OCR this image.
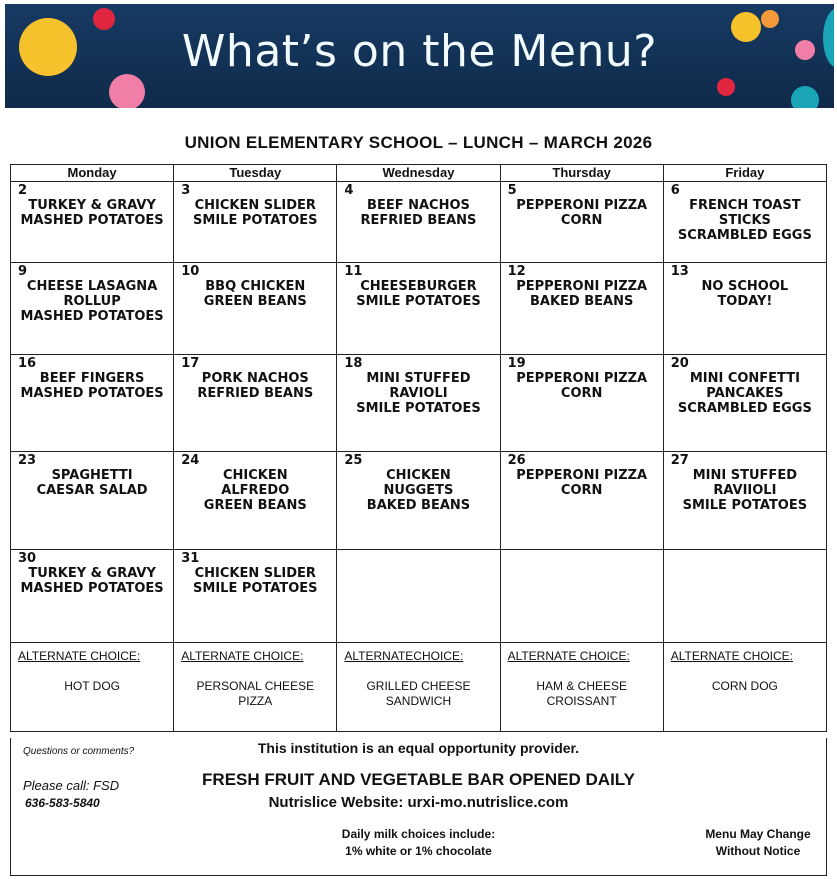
What’s on the Menu?
UNION ELEMENTARY SCHOOL – LUNCH – MARCH 2026
Monday	Tuesday	Wednesday	Thursday	Friday

2
TURKEY & GRAVY
MASHED POTATOES	3
CHICKEN SLIDER
SMILE POTATOES	4
BEEF NACHOS
REFRIED BEANS	5
PEPPERONI PIZZA
CORN	6
FRENCH TOAST
STICKS
SCRAMBLED EGGS

9
CHEESE LASAGNA
ROLLUP
MASHED POTATOES	10
BBQ CHICKEN
GREEN BEANS	11
CHEESEBURGER
SMILE POTATOES	12
PEPPERONI PIZZA
BAKED BEANS	13
NO SCHOOL
TODAY!

16
BEEF FINGERS
MASHED POTATOES	17
PORK NACHOS
REFRIED BEANS	18
MINI STUFFED
RAVIOLI
SMILE POTATOES	19
PEPPERONI PIZZA
CORN	20
MINI CONFETTI
PANCAKES
SCRAMBLED EGGS

23
SPAGHETTI
CAESAR SALAD	24
CHICKEN
ALFREDO
GREEN BEANS	25
CHICKEN
NUGGETS
BAKED BEANS	26
PEPPERONI PIZZA
CORN	27
MINI STUFFED
RAVIIOLI
SMILE POTATOES

30
TURKEY & GRAVY
MASHED POTATOES	31
CHICKEN SLIDER
SMILE POTATOES			

ALTERNATE CHOICE:
HOT DOG	ALTERNATE CHOICE:
PERSONAL CHEESE
PIZZA	ALTERNATECHOICE:
GRILLED CHEESE
SANDWICH	ALTERNATE CHOICE:
HAM & CHEESE
CROISSANT	ALTERNATE CHOICE:
CORN DOG
Questions or comments?
Please call: FSD
636-583-5840
This institution is an equal opportunity provider.
FRESH FRUIT AND VEGETABLE BAR OPENED DAILY
Nutrislice Website: urxi-mo.nutrislice.com
Daily milk choices include:
1% white or 1% chocolate
Menu May Change
Without Notice
